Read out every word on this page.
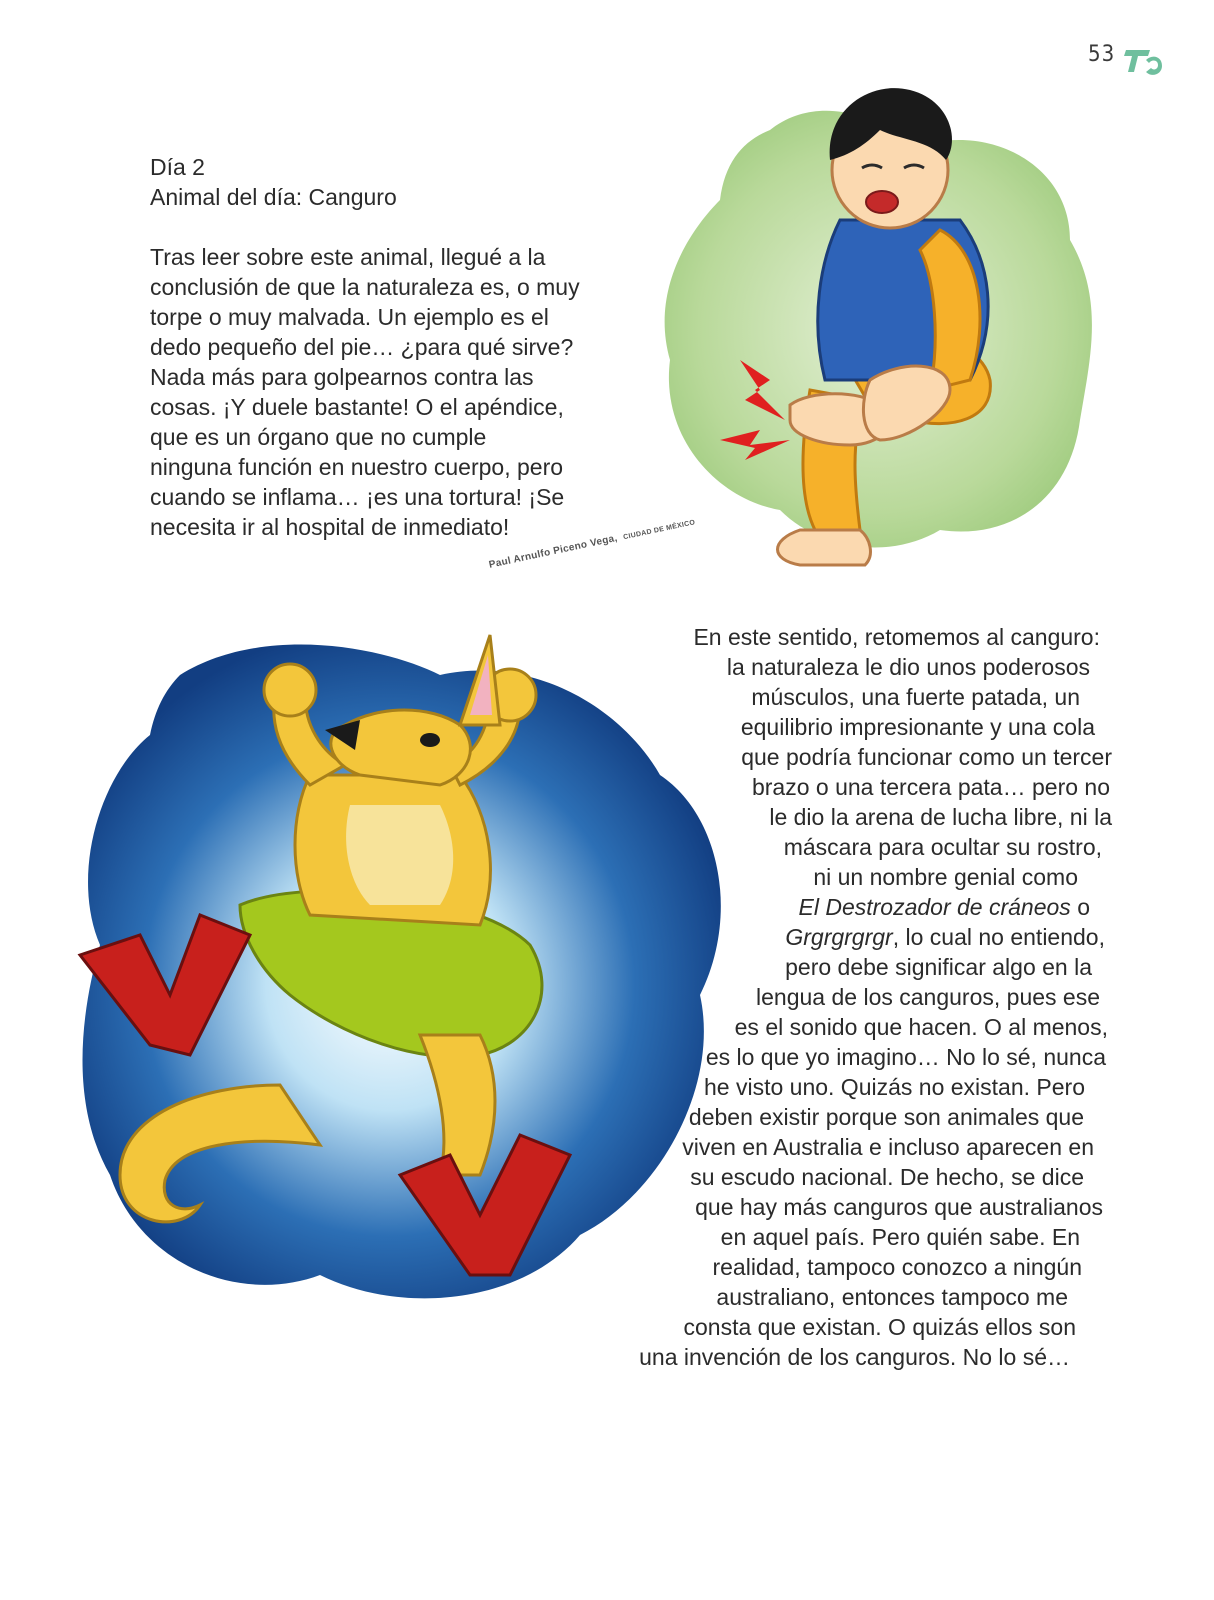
53
Día 2
Animal del día: Canguro
Tras leer sobre este animal, llegué a la
conclusión de que la naturaleza es, o muy
torpe o muy malvada. Un ejemplo es el
dedo pequeño del pie… ¿para qué sirve?
Nada más para golpearnos contra las
cosas. ¡Y duele bastante! O el apéndice,
que es un órgano que no cumple
ninguna función en nuestro cuerpo, pero
cuando se inflama… ¡es una tortura! ¡Se
necesita ir al hospital de inmediato!
Paul Arnulfo Piceno Vega, CIUDAD DE MÉXICO
En este sentido, retomemos al canguro:
la naturaleza le dio unos poderosos
músculos, una fuerte patada, un
equilibrio impresionante y una cola
que podría funcionar como un tercer
brazo o una tercera pata… pero no
le dio la arena de lucha libre, ni la
máscara para ocultar su rostro,
ni un nombre genial como
El Destrozador de cráneos o
Grgrgrgrgr, lo cual no entiendo,
pero debe significar algo en la
lengua de los canguros, pues ese
es el sonido que hacen. O al menos,
es lo que yo imagino… No lo sé, nunca
he visto uno. Quizás no existan. Pero
deben existir porque son animales que
viven en Australia e incluso aparecen en
su escudo nacional. De hecho, se dice
que hay más canguros que australianos
en aquel país. Pero quién sabe. En
realidad, tampoco conozco a ningún
australiano, entonces tampoco me
consta que existan. O quizás ellos son
una invención de los canguros. No lo sé…
